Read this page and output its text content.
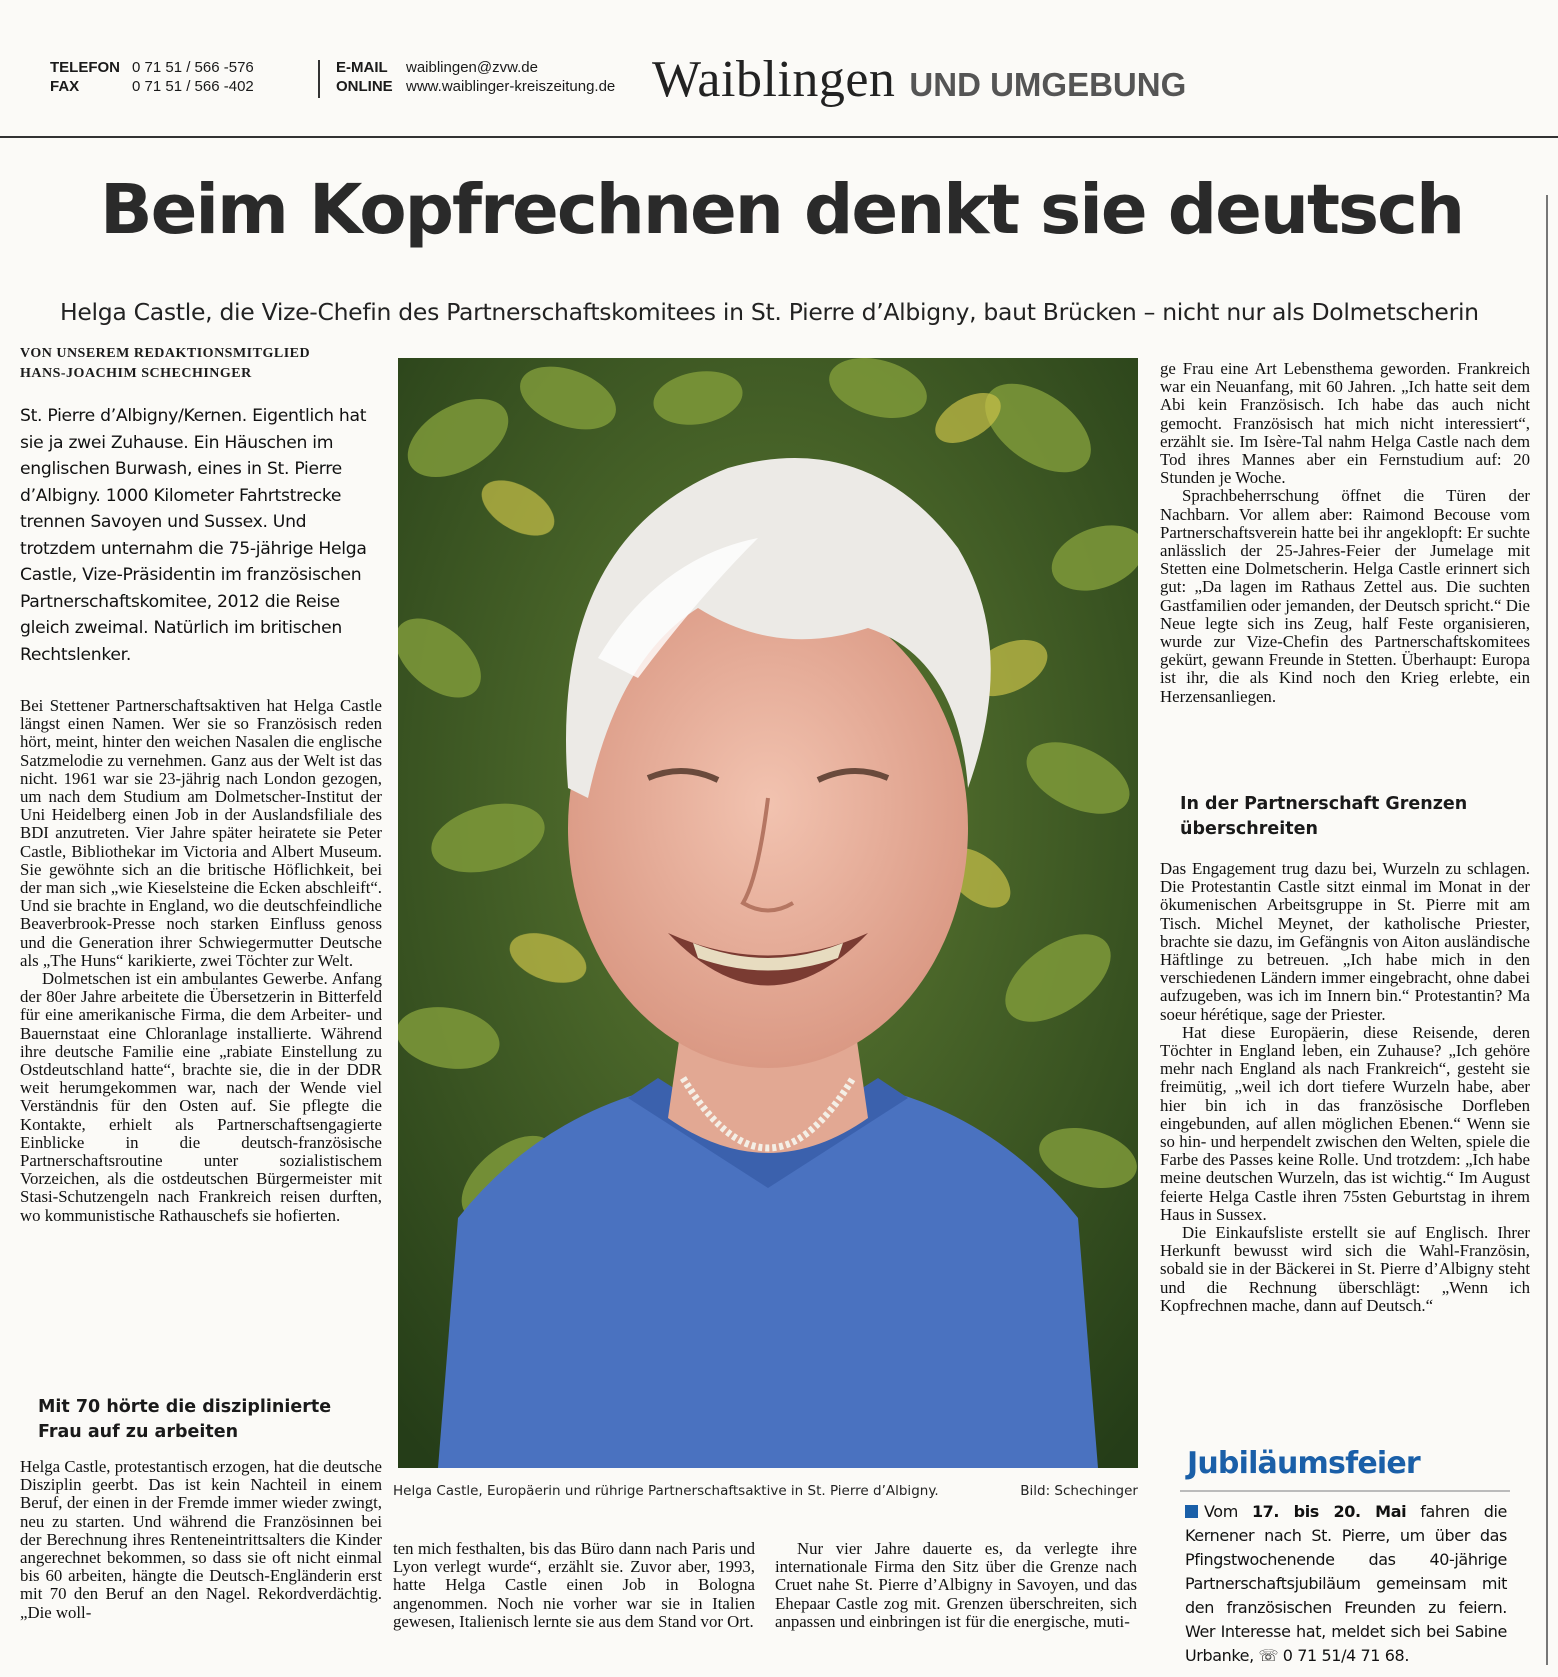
TELEFON 0 71 51 / 566 -576
FAX	0 71 51 / 566 -402
E-MAIL waiblingen@zvw.de
ONLINE www.waiblinger-kreiszeitung.de Waiblingen UND UMGEBUNG
Beim Kopfrechnen denkt sie deutsch
Helga Castle, die Vize-Chefin des Partnerschaftskomitees in St. Pierre d’Albigny, baut Brücken – nicht nur als Dolmetscherin
VON UNSEREM REDAKTIONSMITGLIED
HANS-JOACHIM SCHECHINGER
St. Pierre d’Albigny/Kernen. Eigentlich hat sie ja zwei Zuhause. Ein Häuschen im englischen Burwash, eines in St. Pierre d’Albigny. 1000 Kilometer Fahrtstrecke trennen Savoyen und Sussex. Und trotzdem unternahm die 75-jährige Helga Castle, Vize-Präsidentin im französischen Partnerschaftskomitee, 2012 die Reise gleich zweimal. Natürlich im britischen Rechtslenker.

Bei Stettener Partnerschaftsaktiven hat Helga Castle längst einen Namen. Wer sie so Französisch reden hört, meint, hinter den weichen Nasalen die englische Satzmelodie zu vernehmen. Ganz aus der Welt ist das nicht. 1961 war sie 23-jährig nach London gezogen, um nach dem Studium am Dolmetscher-Institut der Uni Heidelberg einen Job in der Auslandsfiliale des BDI anzutreten. Vier Jahre später heiratete sie Peter Castle, Bibliothekar im Victoria and Albert Museum. Sie gewöhnte sich an die britische Höflichkeit, bei der man sich „wie Kieselsteine die Ecken abschleift“. Und sie brachte in England, wo die deutschfeindliche Beaverbrook-Presse noch starken Einfluss genoss und die Generation ihrer Schwiegermutter Deutsche als „The Huns“ karikierte, zwei Töchter zur Welt.

Dolmetschen ist ein ambulantes Gewerbe. Anfang der 80er Jahre arbeitete die Übersetzerin in Bitterfeld für eine amerikanische Firma, die dem Arbeiter- und Bauernstaat eine Chloranlage installierte. Während ihre deutsche Familie eine „rabiate Einstellung zu Ostdeutschland hatte“, brachte sie, die in der DDR weit herumgekommen war, nach der Wende viel Verständnis für den Osten auf. Sie pflegte die Kontakte, erhielt als Partnerschaftsengagierte Einblicke in die deutsch-französische Partnerschaftsroutine unter sozialistischem Vorzeichen, als die ostdeutschen Bürgermeister mit Stasi-Schutzengeln nach Frankreich reisen durften, wo kommunistische Rathauschefs sie hofierten.

Mit 70 hörte die disziplinierte Frau auf zu arbeiten

Helga Castle, protestantisch erzogen, hat die deutsche Disziplin geerbt. Das ist kein Nachteil in einem Beruf, der einen in der Fremde immer wieder zwingt, neu zu starten. Und während die Französinnen bei der Berechnung ihres Renteneintrittsalters die Kinder angerechnet bekommen, so dass sie oft nicht einmal bis 60 arbeiten, hängte die Deutsch-Engländerin erst mit 70 den Beruf an den Nagel. Rekordverdächtig. „Die woll-

Helga Castle, Europäerin und rührige Partnerschaftsaktive in St. Pierre d’Albigny.	Bild: Schechinger

ten mich festhalten, bis das Büro dann nach Paris und Lyon verlegt wurde“, erzählt sie. Zuvor aber, 1993, hatte Helga Castle einen Job in Bologna angenommen. Noch nie vorher war sie in Italien gewesen, Italienisch lernte sie aus dem Stand vor Ort.

Nur vier Jahre dauerte es, da verlegte ihre internationale Firma den Sitz über die Grenze nach Cruet nahe St. Pierre d’Albigny in Savoyen, und das Ehepaar Castle zog mit. Grenzen überschreiten, sich anpassen und einbringen ist für die energische, muti-

ge Frau eine Art Lebensthema geworden. Frankreich war ein Neuanfang, mit 60 Jahren. „Ich hatte seit dem Abi kein Französisch. Ich habe das auch nicht gemocht. Französisch hat mich nicht interessiert“, erzählt sie. Im Isère-Tal nahm Helga Castle nach dem Tod ihres Mannes aber ein Fernstudium auf: 20 Stunden je Woche.

Sprachbeherrschung öffnet die Türen der Nachbarn. Vor allem aber: Raimond Becouse vom Partnerschaftsverein hatte bei ihr angeklopft: Er suchte anlässlich der 25-Jahres-Feier der Jumelage mit Stetten eine Dolmetscherin. Helga Castle erinnert sich gut: „Da lagen im Rathaus Zettel aus. Die suchten Gastfamilien oder jemanden, der Deutsch spricht.“ Die Neue legte sich ins Zeug, half Feste organisieren, wurde zur Vize-Chefin des Partnerschaftskomitees gekürt, gewann Freunde in Stetten. Überhaupt: Europa ist ihr, die als Kind noch den Krieg erlebte, ein Herzensanliegen.

In der Partnerschaft Grenzen überschreiten

Das Engagement trug dazu bei, Wurzeln zu schlagen. Die Protestantin Castle sitzt einmal im Monat in der ökumenischen Arbeitsgruppe in St. Pierre mit am Tisch. Michel Meynet, der katholische Priester, brachte sie dazu, im Gefängnis von Aiton ausländische Häftlinge zu betreuen. „Ich habe mich in den verschiedenen Ländern immer eingebracht, ohne dabei aufzugeben, was ich im Innern bin.“ Protestantin? Ma soeur hérétique, sage der Priester.

Hat diese Europäerin, diese Reisende, deren Töchter in England leben, ein Zuhause? „Ich gehöre mehr nach England als nach Frankreich“, gesteht sie freimütig, „weil ich dort tiefere Wurzeln habe, aber hier bin ich in das französische Dorfleben eingebunden, auf allen möglichen Ebenen.“ Wenn sie so hin- und herpendelt zwischen den Welten, spiele die Farbe des Passes keine Rolle. Und trotzdem: „Ich habe meine deutschen Wurzeln, das ist wichtig.“ Im August feierte Helga Castle ihren 75sten Geburtstag in ihrem Haus in Sussex.

Die Einkaufsliste erstellt sie auf Englisch. Ihrer Herkunft bewusst wird sich die Wahl-Französin, sobald sie in der Bäckerei in St. Pierre d’Albigny steht und die Rechnung überschlägt: „Wenn ich Kopfrechnen mache, dann auf Deutsch.“

Jubiläumsfeier
Vom 17. bis 20. Mai fahren die Kernener nach St. Pierre, um über das Pfingstwochenende das 40-jährige Partnerschaftsjubiläum gemeinsam mit den französischen Freunden zu feiern. Wer Interesse hat, meldet sich bei Sabine Urbanke, ☏ 0 71 51/4 71 68.
